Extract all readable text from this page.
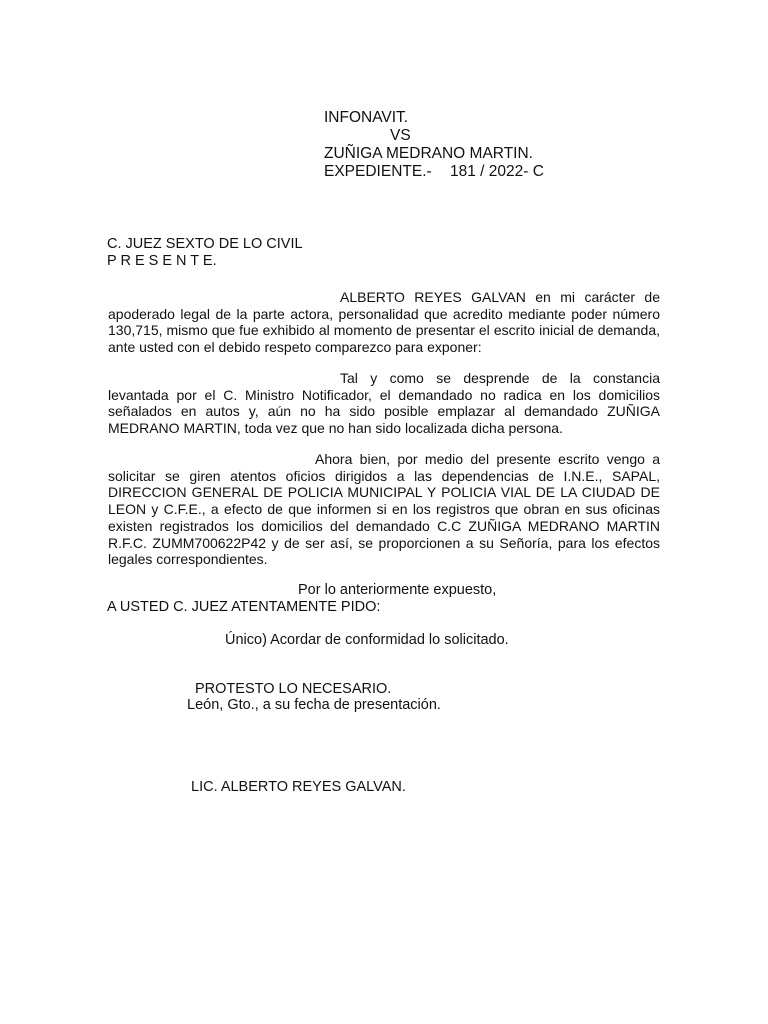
INFONAVIT.
VS
ZUÑIGA MEDRANO MARTIN.
EXPEDIENTE.- 181 / 2022- C
C. JUEZ SEXTO DE LO CIVIL
P R E S E N T E.

ALBERTO REYES GALVAN en mi carácter de apoderado legal de la parte actora, personalidad que acredito mediante poder número 130,715, mismo que fue exhibido al momento de presentar el escrito inicial de demanda, ante usted con el debido respeto comparezco para exponer:

Tal y como se desprende de la constancia levantada por el C. Ministro Notificador, el demandado no radica en los domicilios señalados en autos y, aún no ha sido posible emplazar al demandado ZUÑIGA MEDRANO MARTIN, toda vez que no han sido localizada dicha persona.

Ahora bien, por medio del presente escrito vengo a solicitar se giren atentos oficios dirigidos a las dependencias de I.N.E., SAPAL, DIRECCION GENERAL DE POLICIA MUNICIPAL Y POLICIA VIAL DE LA CIUDAD DE LEON y C.F.E., a efecto de que informen si en los registros que obran en sus oficinas existen registrados los domicilios del demandado C.C ZUÑIGA MEDRANO MARTIN R.F.C. ZUMM700622P42 y de ser así, se proporcionen a su Señoría, para los efectos legales correspondientes.

Por lo anteriormente expuesto,
A USTED C. JUEZ ATENTAMENTE PIDO:
Único) Acordar de conformidad lo solicitado.
PROTESTO LO NECESARIO.
León, Gto., a su fecha de presentación.
LIC. ALBERTO REYES GALVAN.
